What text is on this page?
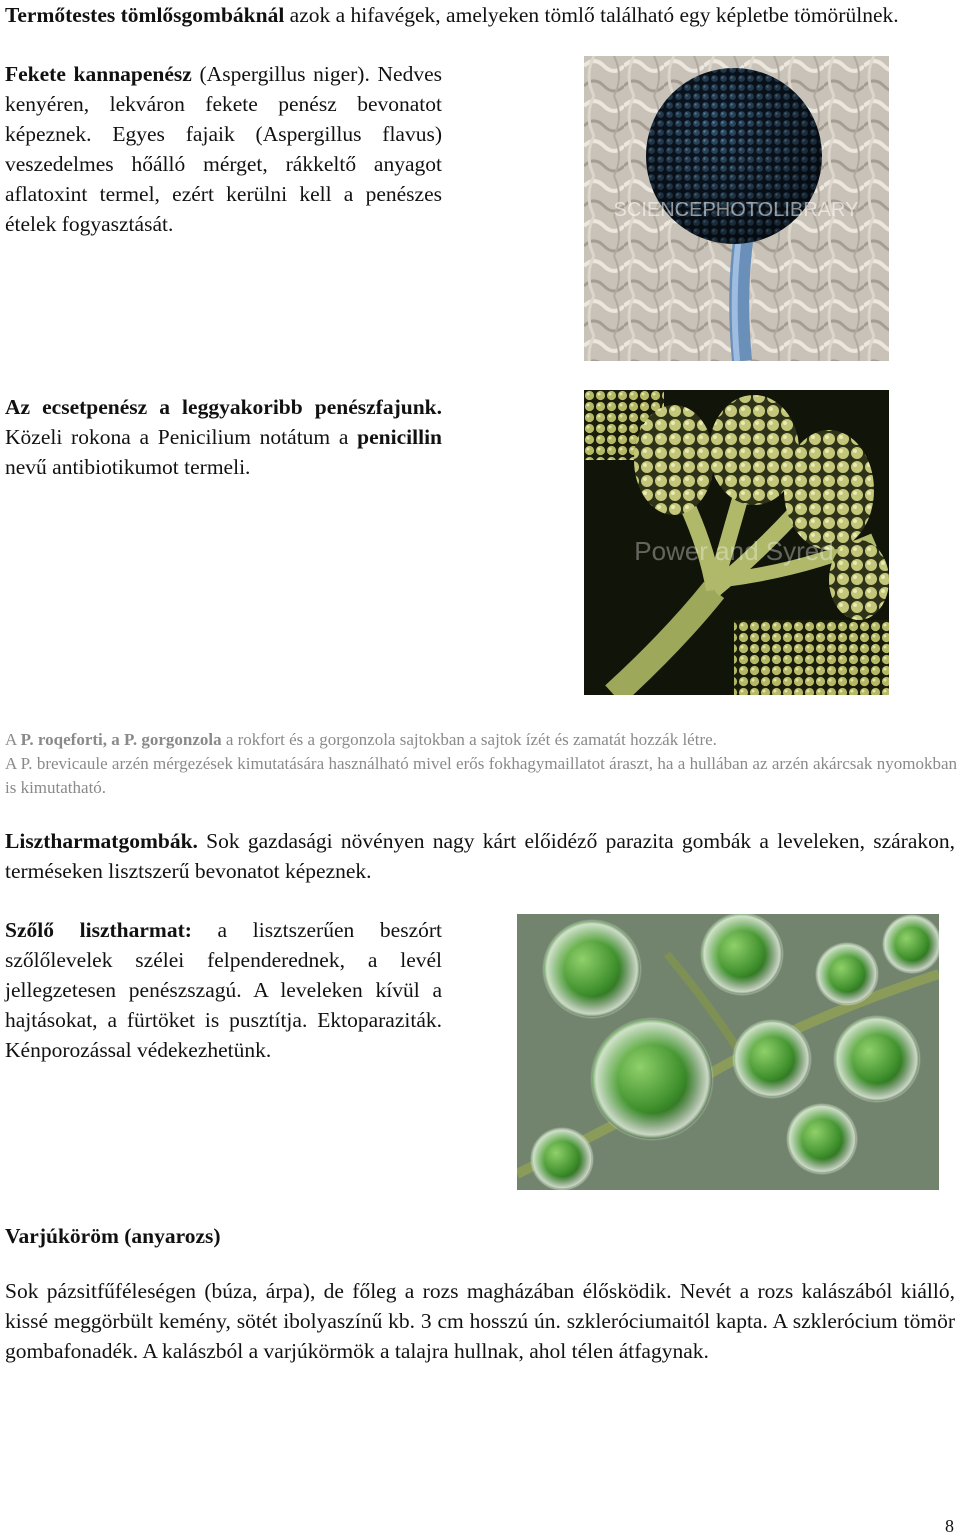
Termőtestes tömlősgombáknál azok a hifavégek, amelyeken tömlő található egy képletbe tömörülnek.
Fekete kannapenész (Aspergillus niger). Nedves kenyéren, lekváron fekete penész bevonatot képeznek. Egyes fajaik (Aspergillus flavus) veszedelmes hőálló mérget, rákkeltő anyagot aflatoxint termel, ezért kerülni kell a penészes ételek fogyasztását.
SCIENCEPHOTOLIBRARY
Az ecsetpenész a leggyakoribb penészfajunk. Közeli rokona a Penicilium notátum a penicillin nevű antibiotikumot termeli.
Power and Syred
A P. roqeforti, a P. gorgonzola a rokfort és a gorgonzola sajtokban a sajtok ízét és zamatát hozzák létre.
A P. brevicaule arzén mérgezések kimutatására használható mivel erős fokhagymaillatot áraszt, ha a hullában az arzén akárcsak nyomokban is kimutatható.
Lisztharmatgombák. Sok gazdasági növényen nagy kárt előidéző parazita gombák a leveleken, szárakon, terméseken lisztszerű bevonatot képeznek.
Szőlő lisztharmat: a lisztszerűen beszórt szőlőlevelek szélei felpenderednek, a levél jellegzetesen penészszagú. A leveleken kívül a hajtásokat, a fürtöket is pusztítja. Ektoparaziták. Kénporozással védekezhetünk.
Varjúköröm (anyarozs)
Sok pázsitfűféleségen (búza, árpa), de főleg a rozs magházában élősködik. Nevét a rozs kalászából kiálló, kissé meggörbült kemény, sötét ibolyaszínű kb. 3 cm hosszú ún. szkleróciumaitól kapta. A szklerócium tömör gombafonadék. A kalászból a varjúkörmök a talajra hullnak, ahol télen átfagynak.
8
